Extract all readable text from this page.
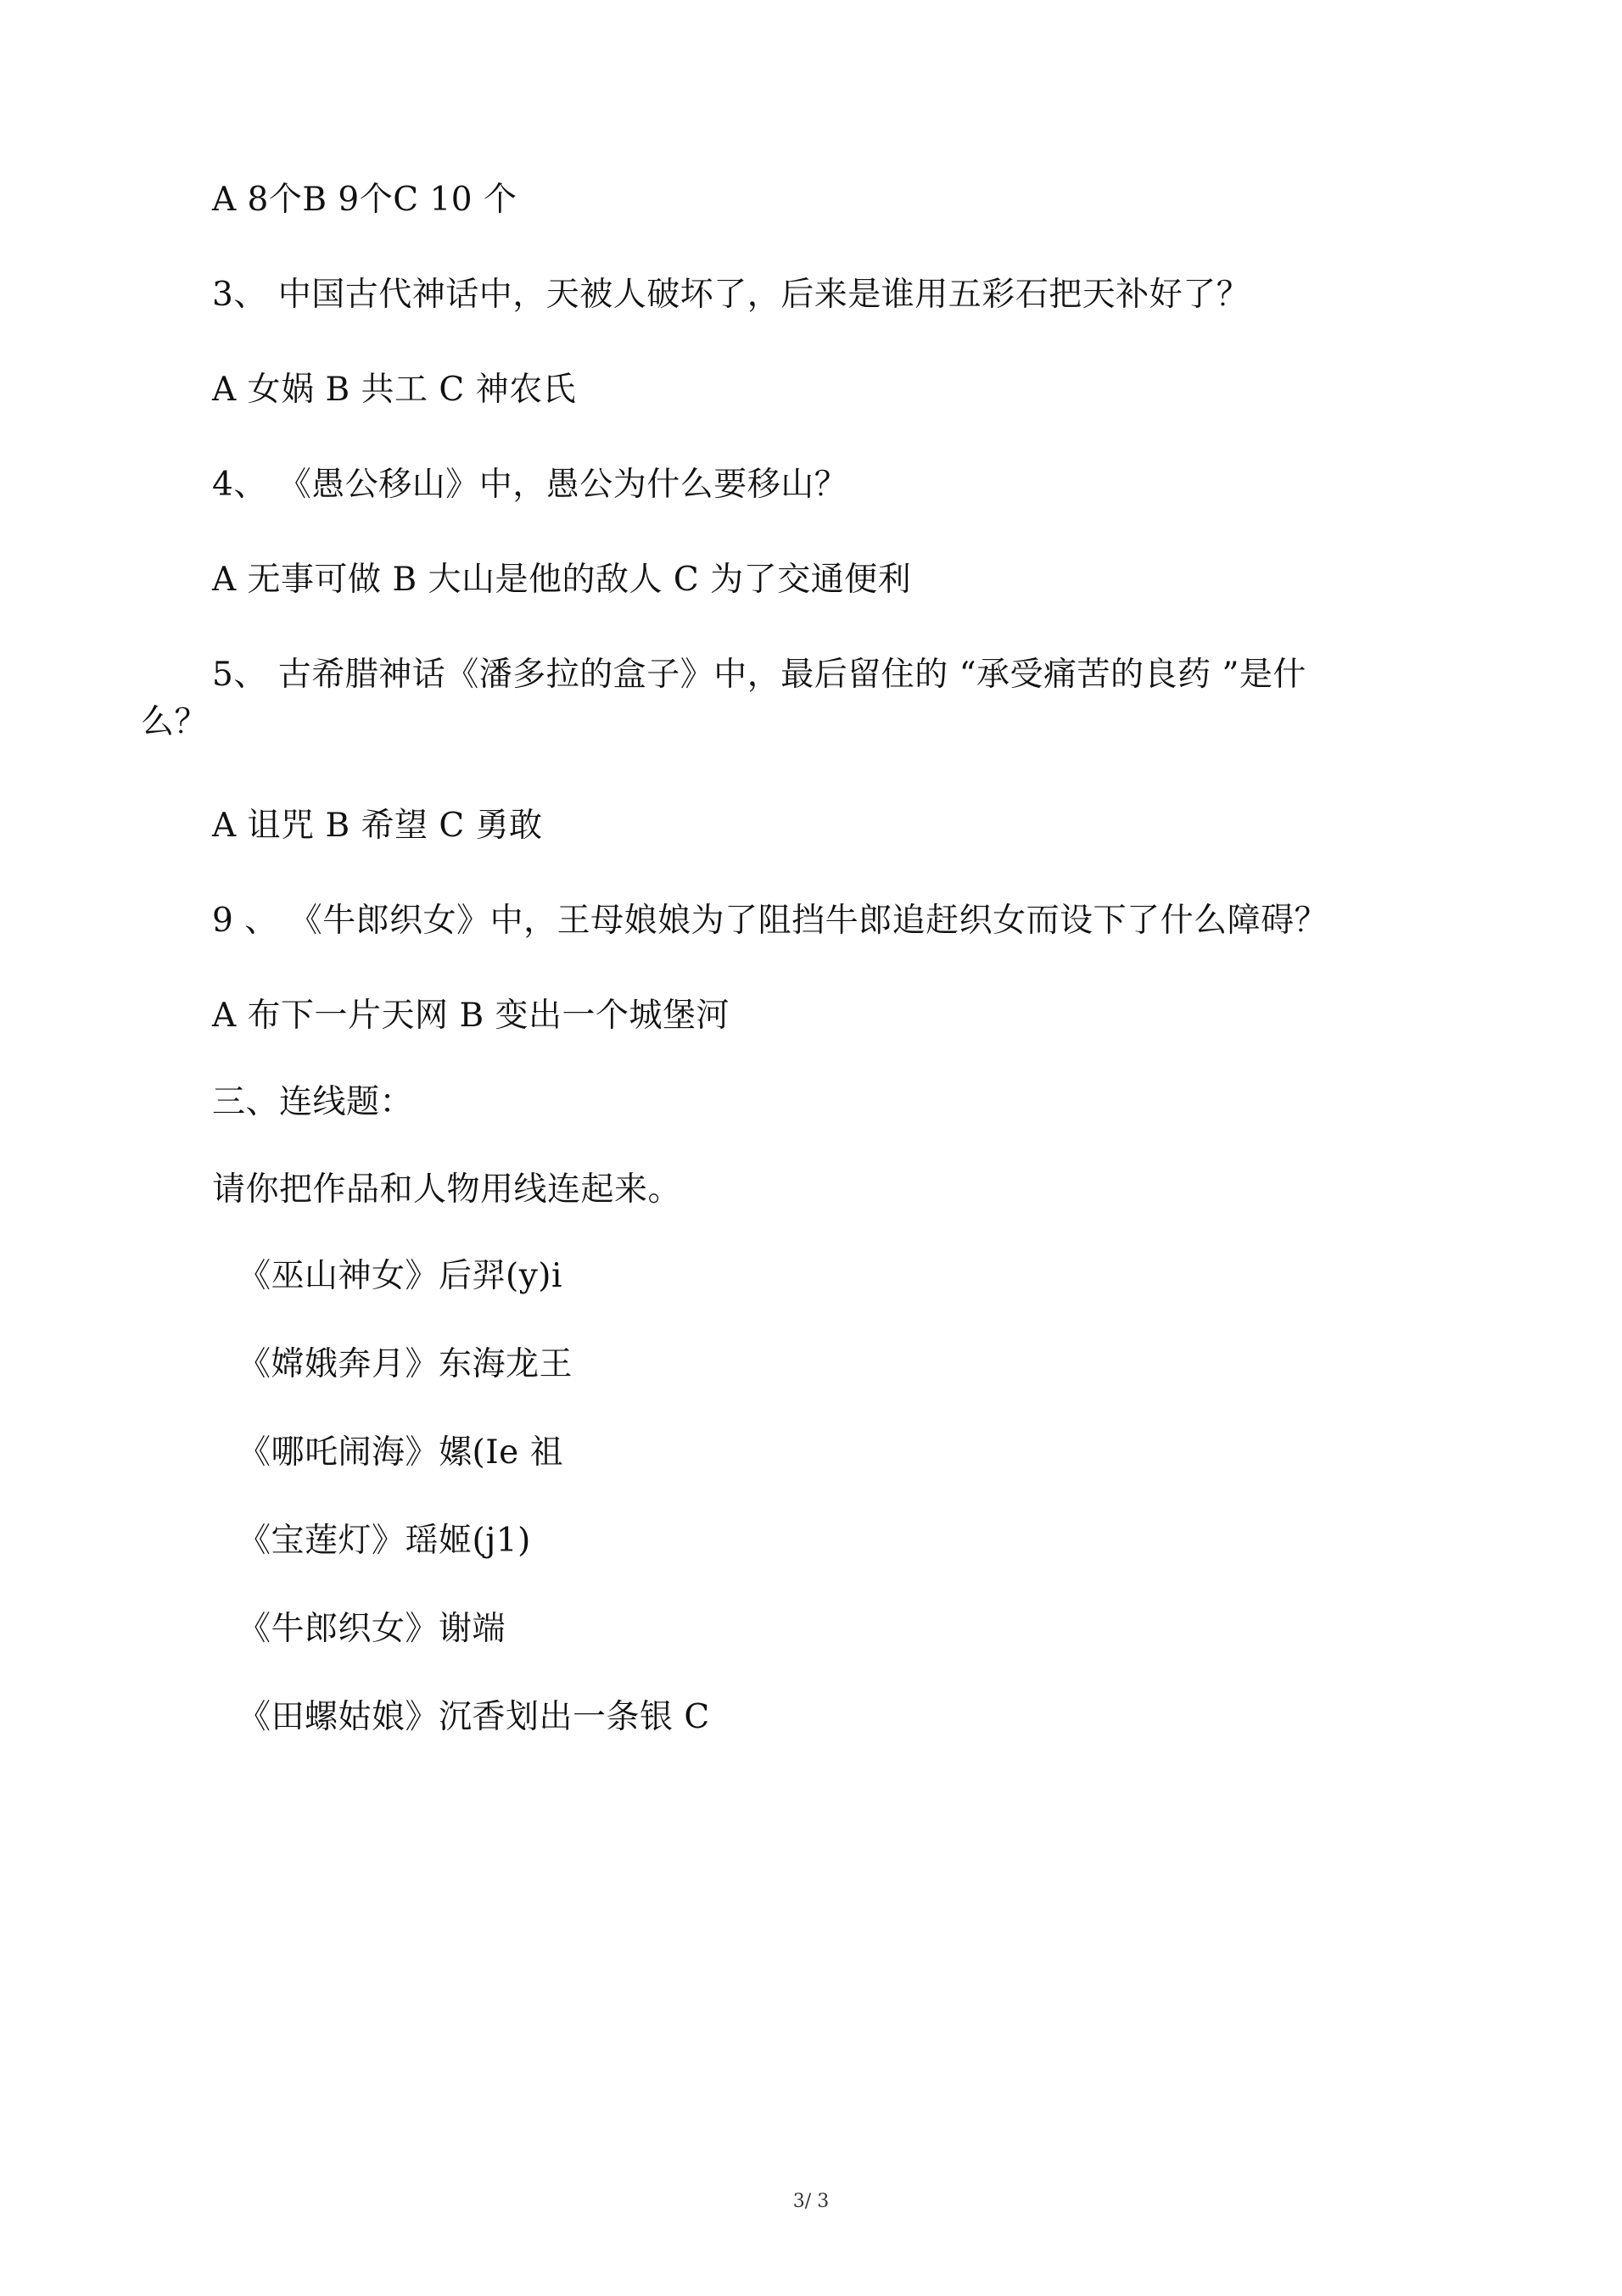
A 8个B 9个C 10 个
3、 中国古代神话中，天被人破坏了，后来是谁用五彩石把天补好了？
A 女娲 B 共工 C 神农氏
4、 《愚公移山》中，愚公为什么要移山？
A 无事可做 B 大山是他的敌人 C 为了交通便利
5、 古希腊神话《潘多拉的盒子》中，最后留住的 “承受痛苦的良药 ”是什
么？
A 诅咒 B 希望 C 勇敢
9 、 《牛郎织女》中，王母娘娘为了阻挡牛郎追赶织女而设下了什么障碍？
A 布下一片天网 B 变出一个城堡河
三、连线题：
请你把作品和人物用线连起来。
《巫山神女》后羿(y)i
《嫦娥奔月》东海龙王
《哪吒闹海》嫘(Ie 祖
《宝莲灯》瑶姬(j1)
《牛郎织女》谢端
《田螺姑娘》沉香划出一条银 C
3/ 3
